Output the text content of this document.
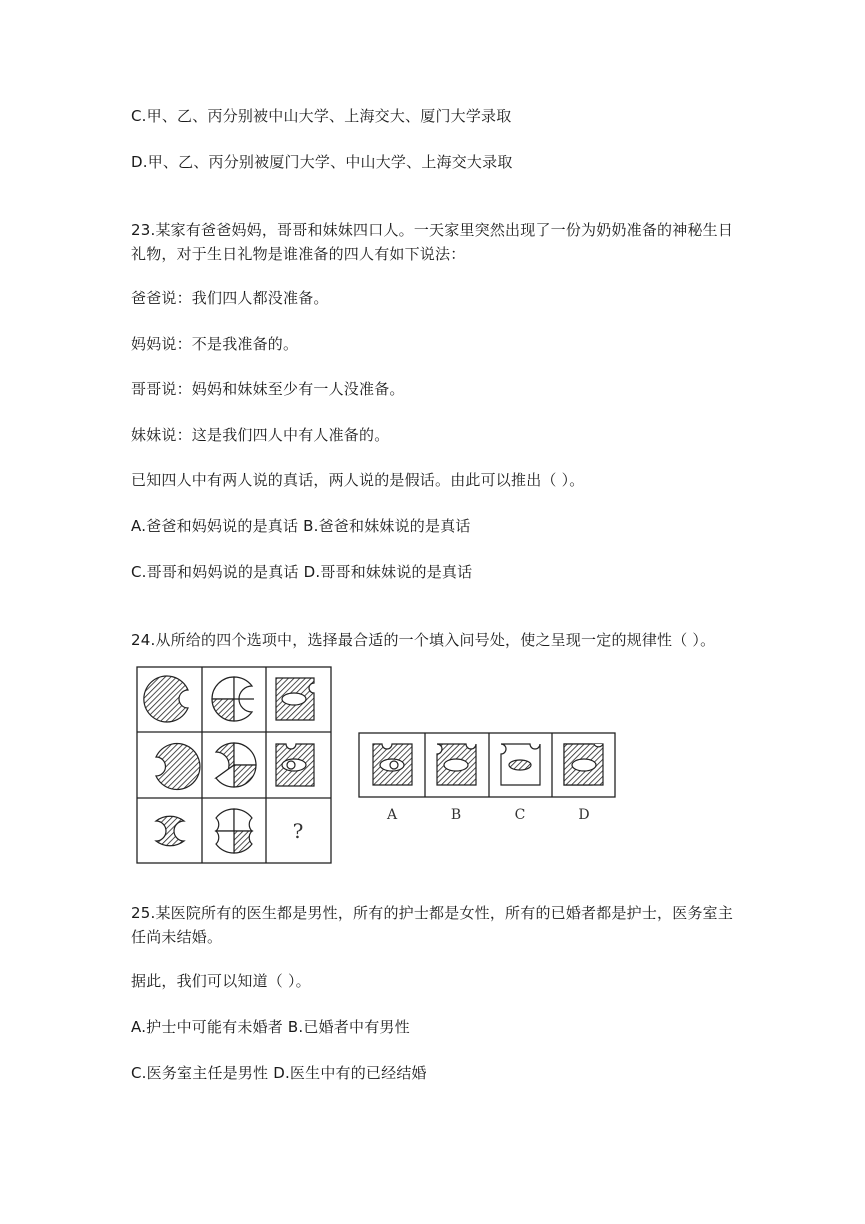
C.甲、乙、丙分别被中山大学、上海交大、厦门大学录取
D.甲、乙、丙分别被厦门大学、中山大学、上海交大录取
23.某家有爸爸妈妈，哥哥和妹妹四口人。一天家里突然出现了一份为奶奶准备的神秘生日
礼物，对于生日礼物是谁准备的四人有如下说法：
爸爸说：我们四人都没准备。
妈妈说：不是我准备的。
哥哥说：妈妈和妹妹至少有一人没准备。
妹妹说：这是我们四人中有人准备的。
已知四人中有两人说的真话，两人说的是假话。由此可以推出（ ）。
A.爸爸和妈妈说的是真话 B.爸爸和妹妹说的是真话
C.哥哥和妈妈说的是真话 D.哥哥和妹妹说的是真话
24.从所给的四个选项中，选择最合适的一个填入问号处，使之呈现一定的规律性（ ）。
?
A	B	C	D
25.某医院所有的医生都是男性，所有的护士都是女性，所有的已婚者都是护士，医务室主
任尚未结婚。
据此，我们可以知道（ ）。
A.护士中可能有未婚者 B.已婚者中有男性
C.医务室主任是男性 D.医生中有的已经结婚
